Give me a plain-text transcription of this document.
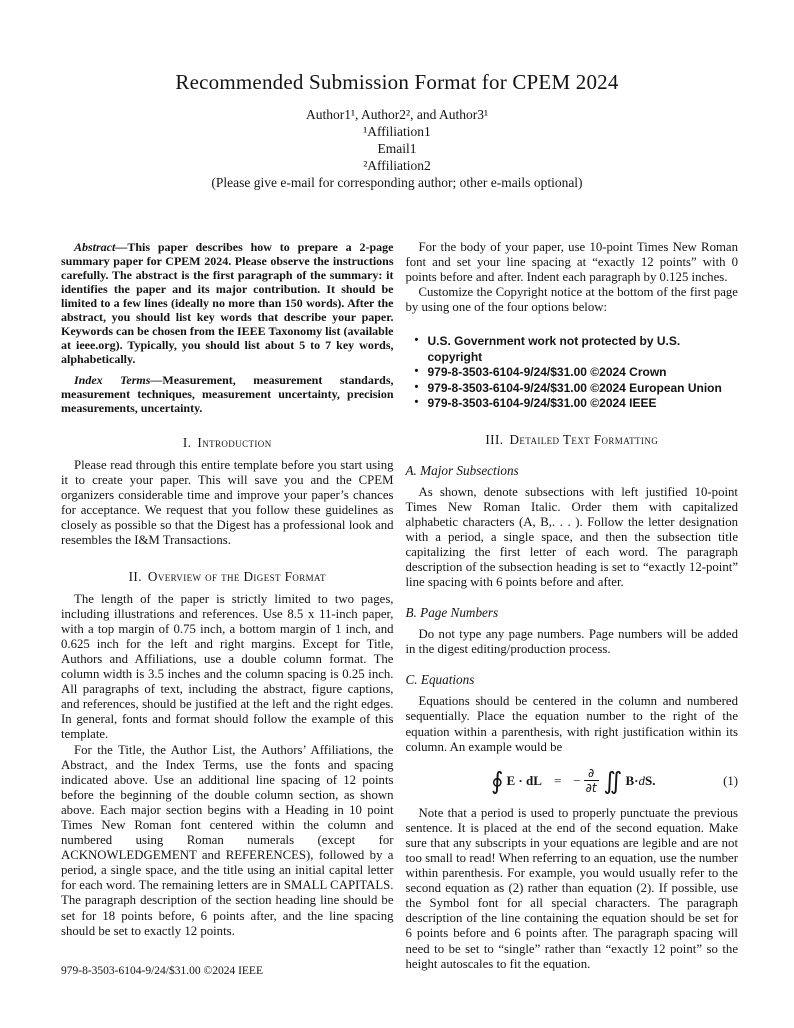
Recommended Submission Format for CPEM 2024
Author1¹, Author2², and Author3¹
¹Affiliation1
Email1
²Affiliation2
(Please give e-mail for corresponding author; other e-mails optional)

Abstract—This paper describes how to prepare a 2-page summary paper for CPEM 2024. Please observe the instructions carefully. The abstract is the first paragraph of the summary: it identifies the paper and its major contribution. It should be limited to a few lines (ideally no more than 150 words). After the abstract, you should list key words that describe your paper. Keywords can be chosen from the IEEE Taxonomy list (available at ieee.org). Typically, you should list about 5 to 7 key words, alphabetically.

Index Terms—Measurement, measurement standards, measurement techniques, measurement uncertainty, precision measurements, uncertainty.

I. Introduction

Please read through this entire template before you start using it to create your paper. This will save you and the CPEM organizers considerable time and improve your paper’s chances for acceptance. We request that you follow these guidelines as closely as possible so that the Digest has a professional look and resembles the I&M Transactions.

II. Overview of the Digest Format

The length of the paper is strictly limited to two pages, including illustrations and references. Use 8.5 x 11-inch paper, with a top margin of 0.75 inch, a bottom margin of 1 inch, and 0.625 inch for the left and right margins. Except for Title, Authors and Affiliations, use a double column format. The column width is 3.5 inches and the column spacing is 0.25 inch. All paragraphs of text, including the abstract, figure captions, and references, should be justified at the left and the right edges. In general, fonts and format should follow the example of this template.

For the Title, the Author List, the Authors’ Affiliations, the Abstract, and the Index Terms, use the fonts and spacing indicated above. Use an additional line spacing of 12 points before the beginning of the double column section, as shown above. Each major section begins with a Heading in 10 point Times New Roman font centered within the column and numbered using Roman numerals (except for ACKNOWLEDGEMENT and REFERENCES), followed by a period, a single space, and the title using an initial capital letter for each word. The remaining letters are in SMALL CAPITALS. The paragraph description of the section heading line should be set for 18 points before, 6 points after, and the line spacing should be set to exactly 12 points.

For the body of your paper, use 10-point Times New Roman font and set your line spacing at “exactly 12 points” with 0 points before and after. Indent each paragraph by 0.125 inches.

Customize the Copyright notice at the bottom of the first page by using one of the four options below:

• U.S. Government work not protected by U.S. copyright
• 979-8-3503-6104-9/24/$31.00 ©2024 Crown
• 979-8-3503-6104-9/24/$31.00 ©2024 European Union
• 979-8-3503-6104-9/24/$31.00 ©2024 IEEE
III. Detailed Text Formatting
A. Major Subsections

As shown, denote subsections with left justified 10-point Times New Roman Italic. Order them with capitalized alphabetic characters (A, B,. . . ). Follow the letter designation with a period, a single space, and then the subsection title capitalizing the first letter of each word. The paragraph description of the subsection heading is set to “exactly 12-point” line spacing with 6 points before and after.

B. Page Numbers

Do not type any page numbers. Page numbers will be added in the digest editing/production process.

C. Equations

Equations should be centered in the column and numbered sequentially. Place the equation number to the right of the equation within a parenthesis, with right justification within its column. An example would be

∮ E · dL = − $\frac{\partial}{\partial t}$ ∬ B· d S.	(1)

Note that a period is used to properly punctuate the previous sentence. It is placed at the end of the second equation. Make sure that any subscripts in your equations are legible and are not too small to read! When referring to an equation, use the number within parenthesis. For example, you would usually refer to the second equation as (2) rather than equation (2). If possible, use the Symbol font for all special characters. The paragraph description of the line containing the equation should be set for 6 points before and 6 points after. The paragraph spacing will need to be set to “single” rather than “exactly 12 point” so the height autoscales to fit the equation.

979-8-3503-6104-9/24/$31.00 ©2024 IEEE
